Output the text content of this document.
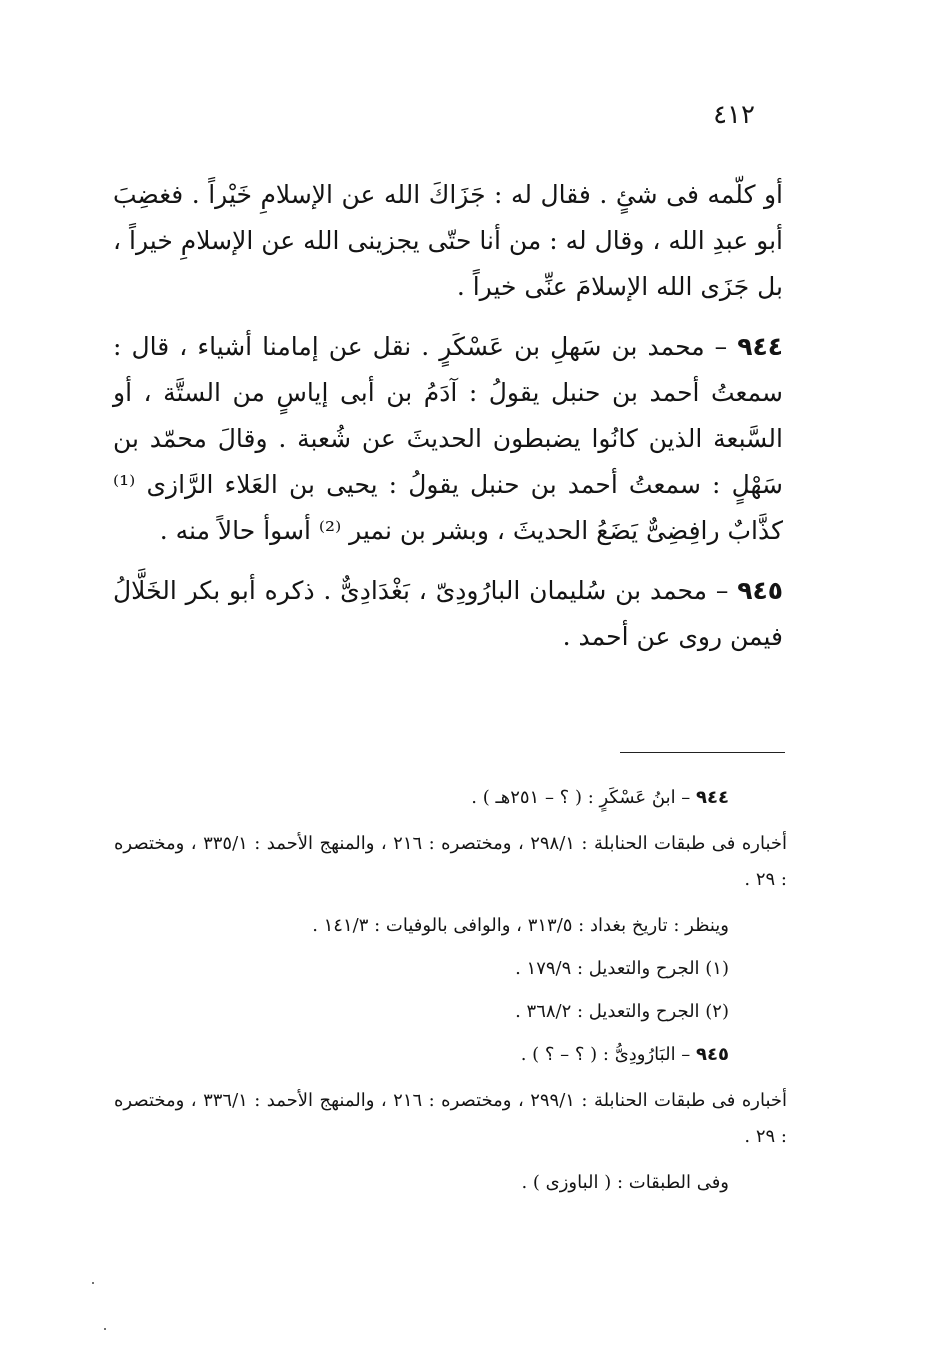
٤١٢

أو كلّمه فى شئٍ . فقال له : جَزَاكَ الله عن الإسلامِ خَيْراً . فغضِبَ أبو عبدِ الله ، وقال له : من أنا حتّى يجزينى الله عن الإسلامِ خيراً ، بل جَزَى الله الإسلامَ عنِّى خيراً .

٩٤٤ – محمد بن سَهلِ بن عَسْكَرٍ . نقل عن إمامنا أشياء ، قال : سمعتُ أحمد بن حنبل يقولُ : آدَمُ بن أبى إياسٍ من الستَّة ، أو السَّبعة الذين كانُوا يضبطون الحديثَ عن شُعبة . وقالَ محمّد بن سَهْلٍ : سمعتُ أحمد بن حنبل يقولُ : يحيى بن العَلاء الرَّازى ⁽¹⁾ كذَّابٌ رافِضِىٌّ يَضَعُ الحديثَ ، وبشر بن نمير ⁽²⁾ أسوأ حالاً منه .

٩٤٥ – محمد بن سُليمان البارُودِىّ ، بَغْدَادِىٌّ . ذكره أبو بكر الخَلَّالُ فيمن روى عن أحمد .

٩٤٤ – ابنُ عَسْكَرٍ : ( ؟ – ٢٥١هـ ) .
أخباره فى طبقات الحنابلة : ٢٩٨/١ ، ومختصره : ٢١٦ ، والمنهج الأحمد : ٣٣٥/١ ، ومختصره : ٢٩ .
وينظر : تاريخ بغداد : ٣١٣/٥ ، والوافى بالوفيات : ١٤١/٣ .
(١) الجرح والتعديل : ١٧٩/٩ .
(٢) الجرح والتعديل : ٣٦٨/٢ .
٩٤٥ – البَارُودِىُّ : ( ؟ – ؟ ) .
أخباره فى طبقات الحنابلة : ٢٩٩/١ ، ومختصره : ٢١٦ ، والمنهج الأحمد : ٣٣٦/١ ، ومختصره : ٢٩ .
وفى الطبقات : ( الباوزى ) .
